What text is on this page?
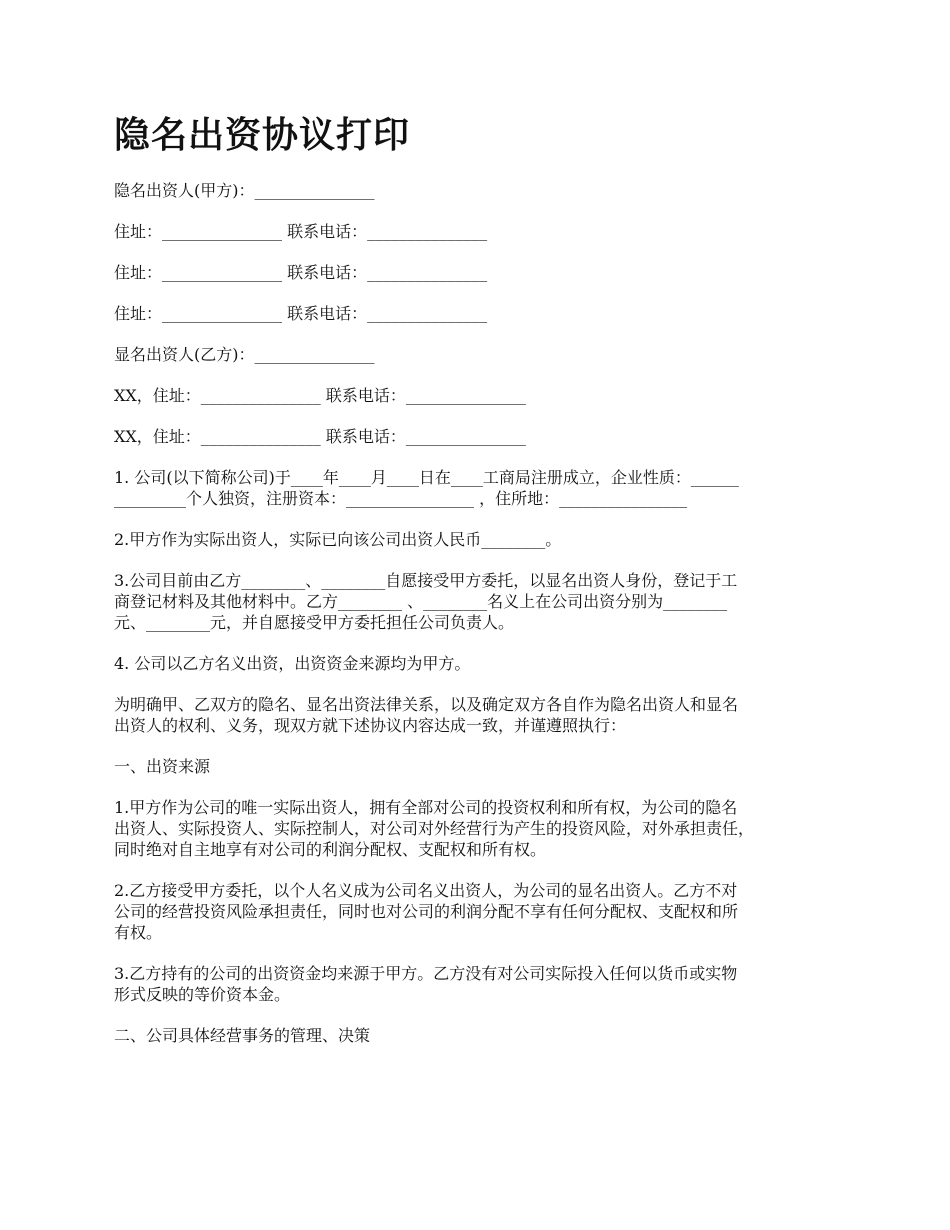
隐名出资协议打印
隐名出资人(甲方)：_______________
住址：_______________ 联系电话：_______________
住址：_______________ 联系电话：_______________
住址：_______________ 联系电话：_______________
显名出资人(乙方)：_______________
XX，住址：_______________ 联系电话：_______________
XX，住址：_______________ 联系电话：_______________
1. 公司(以下简称公司)于____年____月____日在____工商局注册成立，企业性质：______
_________个人独资，注册资本：________________ ，住所地：________________
2.甲方作为实际出资人，实际已向该公司出资人民币________。
3.公司目前由乙方________、________自愿接受甲方委托，以显名出资人身份，登记于工
商登记材料及其他材料中。乙方________ 、________名义上在公司出资分别为________
元、________元，并自愿接受甲方委托担任公司负责人。
4. 公司以乙方名义出资，出资资金来源均为甲方。
为明确甲、乙双方的隐名、显名出资法律关系，以及确定双方各自作为隐名出资人和显名
出资人的权利、义务，现双方就下述协议内容达成一致，并谨遵照执行：
一、出资来源
1.甲方作为公司的唯一实际出资人，拥有全部对公司的投资权利和所有权，为公司的隐名
出资人、实际投资人、实际控制人，对公司对外经营行为产生的投资风险，对外承担责任，
同时绝对自主地享有对公司的利润分配权、支配权和所有权。
2.乙方接受甲方委托，以个人名义成为公司名义出资人，为公司的显名出资人。乙方不对
公司的经营投资风险承担责任，同时也对公司的利润分配不享有任何分配权、支配权和所
有权。
3.乙方持有的公司的出资资金均来源于甲方。乙方没有对公司实际投入任何以货币或实物
形式反映的等价资本金。
二、公司具体经营事务的管理、决策
